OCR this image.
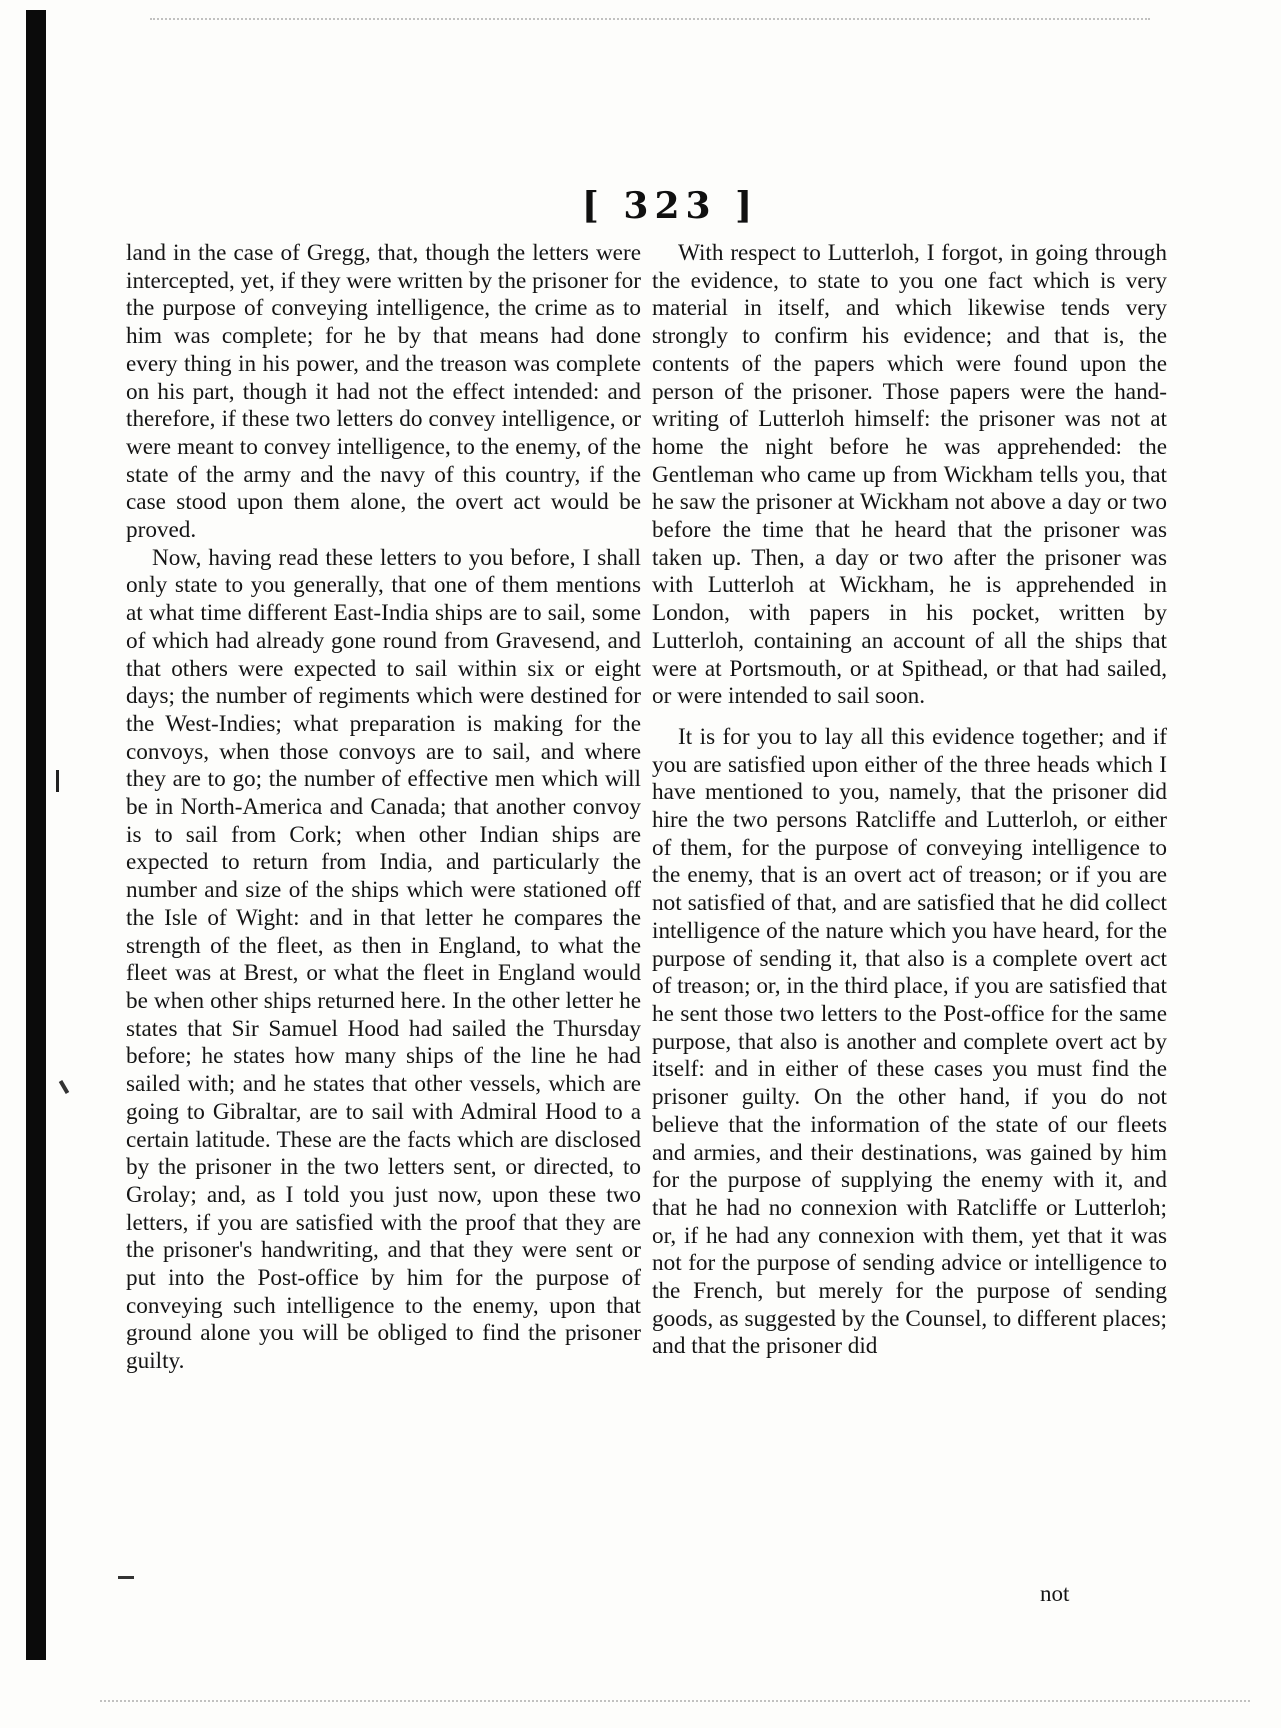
[ 323 ]

land in the case of Gregg, that, though the letters were intercepted, yet, if they were written by the prisoner for the purpose of conveying intelligence, the crime as to him was complete; for he by that means had done every thing in his power, and the treason was complete on his part, though it had not the effect intended: and therefore, if these two letters do convey intelligence, or were meant to convey intelligence, to the enemy, of the state of the army and the navy of this country, if the case stood upon them alone, the overt act would be proved.

Now, having read these letters to you before, I shall only state to you generally, that one of them mentions at what time different East-India ships are to sail, some of which had already gone round from Gravesend, and that others were expected to sail within six or eight days; the number of regiments which were destined for the West-Indies; what preparation is making for the convoys, when those convoys are to sail, and where they are to go; the number of effective men which will be in North-America and Canada; that another convoy is to sail from Cork; when other Indian ships are expected to return from India, and particularly the number and size of the ships which were stationed off the Isle of Wight: and in that letter he compares the strength of the fleet, as then in England, to what the fleet was at Brest, or what the fleet in England would be when other ships returned here. In the other letter he states that Sir Samuel Hood had sailed the Thursday before; he states how many ships of the line he had sailed with; and he states that other vessels, which are going to Gibraltar, are to sail with Admiral Hood to a certain latitude. These are the facts which are disclosed by the prisoner in the two letters sent, or directed, to Grolay; and, as I told you just now, upon these two letters, if you are satisfied with the proof that they are the prisoner's handwriting, and that they were sent or put into the Post-office by him for the purpose of conveying such intelligence to the enemy, upon that ground alone you will be obliged to find the prisoner guilty.

With respect to Lutterloh, I forgot, in going through the evidence, to state to you one fact which is very material in itself, and which likewise tends very strongly to confirm his evidence; and that is, the contents of the papers which were found upon the person of the prisoner. Those papers were the hand-writing of Lutterloh himself: the prisoner was not at home the night before he was apprehended: the Gentleman who came up from Wickham tells you, that he saw the prisoner at Wickham not above a day or two before the time that he heard that the prisoner was taken up. Then, a day or two after the prisoner was with Lutterloh at Wickham, he is apprehended in London, with papers in his pocket, written by Lutterloh, containing an account of all the ships that were at Portsmouth, or at Spithead, or that had sailed, or were intended to sail soon.

It is for you to lay all this evidence together; and if you are satisfied upon either of the three heads which I have mentioned to you, namely, that the prisoner did hire the two persons Ratcliffe and Lutterloh, or either of them, for the purpose of conveying intelligence to the enemy, that is an overt act of treason; or if you are not satisfied of that, and are satisfied that he did collect intelligence of the nature which you have heard, for the purpose of sending it, that also is a complete overt act of treason; or, in the third place, if you are satisfied that he sent those two letters to the Post-office for the same purpose, that also is another and complete overt act by itself: and in either of these cases you must find the prisoner guilty. On the other hand, if you do not believe that the information of the state of our fleets and armies, and their destinations, was gained by him for the purpose of supplying the enemy with it, and that he had no connexion with Ratcliffe or Lutterloh; or, if he had any connexion with them, yet that it was not for the purpose of sending advice or intelligence to the French, but merely for the purpose of sending goods, as suggested by the Counsel, to different places; and that the prisoner did

not
